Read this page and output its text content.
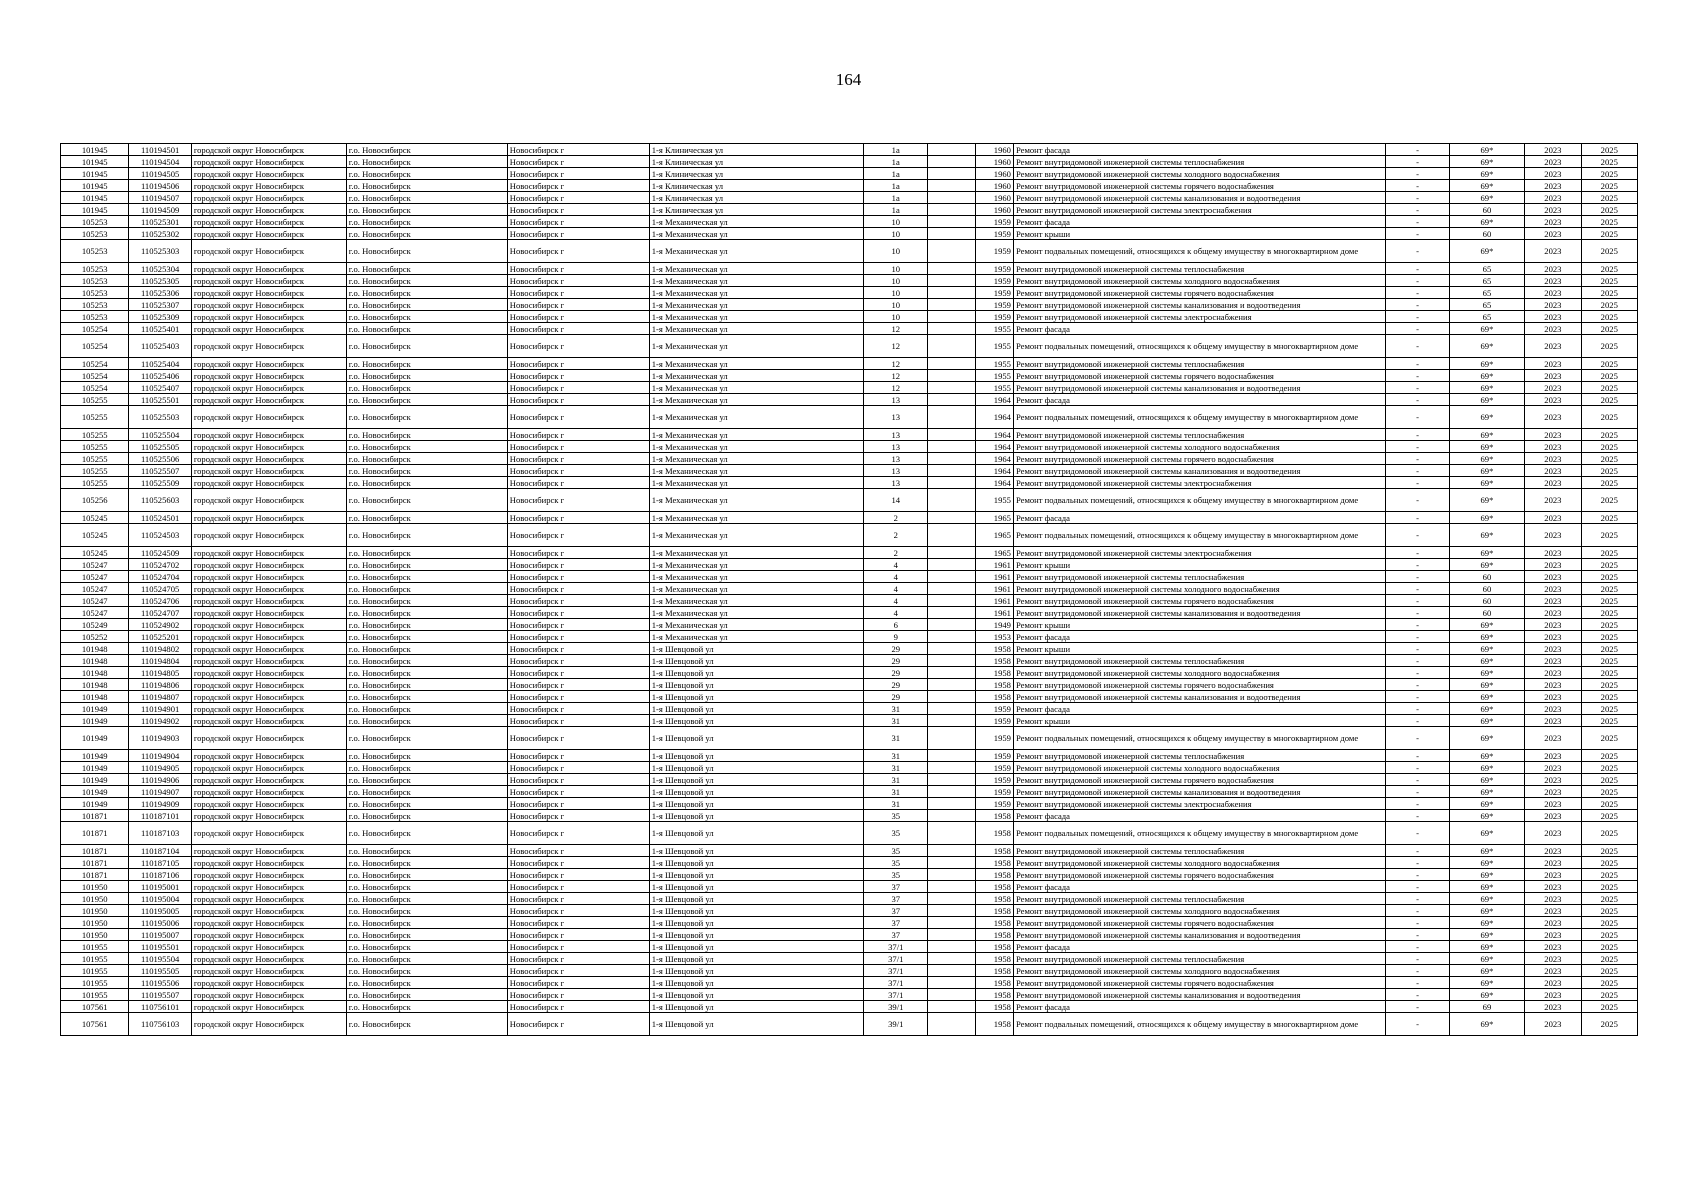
164
101945	110194501	городской округ Новосибирск	г.о. Новосибирск	Новосибирск г	1-я Клиническая ул	1а		1960	Ремонт фасада	-	69*	2023	2025
101945	110194504	городской округ Новосибирск	г.о. Новосибирск	Новосибирск г	1-я Клиническая ул	1а		1960	Ремонт внутридомовой инженерной системы теплоснабжения	-	69*	2023	2025
101945	110194505	городской округ Новосибирск	г.о. Новосибирск	Новосибирск г	1-я Клиническая ул	1а		1960	Ремонт внутридомовой инженерной системы холодного водоснабжения	-	69*	2023	2025
101945	110194506	городской округ Новосибирск	г.о. Новосибирск	Новосибирск г	1-я Клиническая ул	1а		1960	Ремонт внутридомовой инженерной системы горячего водоснабжения	-	69*	2023	2025
101945	110194507	городской округ Новосибирск	г.о. Новосибирск	Новосибирск г	1-я Клиническая ул	1а		1960	Ремонт внутридомовой инженерной системы канализования и водоотведения	-	69*	2023	2025
101945	110194509	городской округ Новосибирск	г.о. Новосибирск	Новосибирск г	1-я Клиническая ул	1а		1960	Ремонт внутридомовой инженерной системы электроснабжения	-	60	2023	2025
105253	110525301	городской округ Новосибирск	г.о. Новосибирск	Новосибирск г	1-я Механическая ул	10		1959	Ремонт фасада	-	69*	2023	2025
105253	110525302	городской округ Новосибирск	г.о. Новосибирск	Новосибирск г	1-я Механическая ул	10		1959	Ремонт крыши	-	60	2023	2025
105253	110525303	городской округ Новосибирск	г.о. Новосибирск	Новосибирск г	1-я Механическая ул	10		1959	Ремонт подвальных помещений, относящихся к общему имуществу в многоквартирном доме	-	69*	2023	2025
105253	110525304	городской округ Новосибирск	г.о. Новосибирск	Новосибирск г	1-я Механическая ул	10		1959	Ремонт внутридомовой инженерной системы теплоснабжения	-	65	2023	2025
105253	110525305	городской округ Новосибирск	г.о. Новосибирск	Новосибирск г	1-я Механическая ул	10		1959	Ремонт внутридомовой инженерной системы холодного водоснабжения	-	65	2023	2025
105253	110525306	городской округ Новосибирск	г.о. Новосибирск	Новосибирск г	1-я Механическая ул	10		1959	Ремонт внутридомовой инженерной системы горячего водоснабжения	-	65	2023	2025
105253	110525307	городской округ Новосибирск	г.о. Новосибирск	Новосибирск г	1-я Механическая ул	10		1959	Ремонт внутридомовой инженерной системы канализования и водоотведения	-	65	2023	2025
105253	110525309	городской округ Новосибирск	г.о. Новосибирск	Новосибирск г	1-я Механическая ул	10		1959	Ремонт внутридомовой инженерной системы электроснабжения	-	65	2023	2025
105254	110525401	городской округ Новосибирск	г.о. Новосибирск	Новосибирск г	1-я Механическая ул	12		1955	Ремонт фасада	-	69*	2023	2025
105254	110525403	городской округ Новосибирск	г.о. Новосибирск	Новосибирск г	1-я Механическая ул	12		1955	Ремонт подвальных помещений, относящихся к общему имуществу в многоквартирном доме	-	69*	2023	2025
105254	110525404	городской округ Новосибирск	г.о. Новосибирск	Новосибирск г	1-я Механическая ул	12		1955	Ремонт внутридомовой инженерной системы теплоснабжения	-	69*	2023	2025
105254	110525406	городской округ Новосибирск	г.о. Новосибирск	Новосибирск г	1-я Механическая ул	12		1955	Ремонт внутридомовой инженерной системы горячего водоснабжения	-	69*	2023	2025
105254	110525407	городской округ Новосибирск	г.о. Новосибирск	Новосибирск г	1-я Механическая ул	12		1955	Ремонт внутридомовой инженерной системы канализования и водоотведения	-	69*	2023	2025
105255	110525501	городской округ Новосибирск	г.о. Новосибирск	Новосибирск г	1-я Механическая ул	13		1964	Ремонт фасада	-	69*	2023	2025
105255	110525503	городской округ Новосибирск	г.о. Новосибирск	Новосибирск г	1-я Механическая ул	13		1964	Ремонт подвальных помещений, относящихся к общему имуществу в многоквартирном доме	-	69*	2023	2025
105255	110525504	городской округ Новосибирск	г.о. Новосибирск	Новосибирск г	1-я Механическая ул	13		1964	Ремонт внутридомовой инженерной системы теплоснабжения	-	69*	2023	2025
105255	110525505	городской округ Новосибирск	г.о. Новосибирск	Новосибирск г	1-я Механическая ул	13		1964	Ремонт внутридомовой инженерной системы холодного водоснабжения	-	69*	2023	2025
105255	110525506	городской округ Новосибирск	г.о. Новосибирск	Новосибирск г	1-я Механическая ул	13		1964	Ремонт внутридомовой инженерной системы горячего водоснабжения	-	69*	2023	2025
105255	110525507	городской округ Новосибирск	г.о. Новосибирск	Новосибирск г	1-я Механическая ул	13		1964	Ремонт внутридомовой инженерной системы канализования и водоотведения	-	69*	2023	2025
105255	110525509	городской округ Новосибирск	г.о. Новосибирск	Новосибирск г	1-я Механическая ул	13		1964	Ремонт внутридомовой инженерной системы электроснабжения	-	69*	2023	2025
105256	110525603	городской округ Новосибирск	г.о. Новосибирск	Новосибирск г	1-я Механическая ул	14		1955	Ремонт подвальных помещений, относящихся к общему имуществу в многоквартирном доме	-	69*	2023	2025
105245	110524501	городской округ Новосибирск	г.о. Новосибирск	Новосибирск г	1-я Механическая ул	2		1965	Ремонт фасада	-	69*	2023	2025
105245	110524503	городской округ Новосибирск	г.о. Новосибирск	Новосибирск г	1-я Механическая ул	2		1965	Ремонт подвальных помещений, относящихся к общему имуществу в многоквартирном доме	-	69*	2023	2025
105245	110524509	городской округ Новосибирск	г.о. Новосибирск	Новосибирск г	1-я Механическая ул	2		1965	Ремонт внутридомовой инженерной системы электроснабжения	-	69*	2023	2025
105247	110524702	городской округ Новосибирск	г.о. Новосибирск	Новосибирск г	1-я Механическая ул	4		1961	Ремонт крыши	-	69*	2023	2025
105247	110524704	городской округ Новосибирск	г.о. Новосибирск	Новосибирск г	1-я Механическая ул	4		1961	Ремонт внутридомовой инженерной системы теплоснабжения	-	60	2023	2025
105247	110524705	городской округ Новосибирск	г.о. Новосибирск	Новосибирск г	1-я Механическая ул	4		1961	Ремонт внутридомовой инженерной системы холодного водоснабжения	-	60	2023	2025
105247	110524706	городской округ Новосибирск	г.о. Новосибирск	Новосибирск г	1-я Механическая ул	4		1961	Ремонт внутридомовой инженерной системы горячего водоснабжения	-	60	2023	2025
105247	110524707	городской округ Новосибирск	г.о. Новосибирск	Новосибирск г	1-я Механическая ул	4		1961	Ремонт внутридомовой инженерной системы канализования и водоотведения	-	60	2023	2025
105249	110524902	городской округ Новосибирск	г.о. Новосибирск	Новосибирск г	1-я Механическая ул	6		1949	Ремонт крыши	-	69*	2023	2025
105252	110525201	городской округ Новосибирск	г.о. Новосибирск	Новосибирск г	1-я Механическая ул	9		1953	Ремонт фасада	-	69*	2023	2025
101948	110194802	городской округ Новосибирск	г.о. Новосибирск	Новосибирск г	1-я Шевцовой ул	29		1958	Ремонт крыши	-	69*	2023	2025
101948	110194804	городской округ Новосибирск	г.о. Новосибирск	Новосибирск г	1-я Шевцовой ул	29		1958	Ремонт внутридомовой инженерной системы теплоснабжения	-	69*	2023	2025
101948	110194805	городской округ Новосибирск	г.о. Новосибирск	Новосибирск г	1-я Шевцовой ул	29		1958	Ремонт внутридомовой инженерной системы холодного водоснабжения	-	69*	2023	2025
101948	110194806	городской округ Новосибирск	г.о. Новосибирск	Новосибирск г	1-я Шевцовой ул	29		1958	Ремонт внутридомовой инженерной системы горячего водоснабжения	-	69*	2023	2025
101948	110194807	городской округ Новосибирск	г.о. Новосибирск	Новосибирск г	1-я Шевцовой ул	29		1958	Ремонт внутридомовой инженерной системы канализования и водоотведения	-	69*	2023	2025
101949	110194901	городской округ Новосибирск	г.о. Новосибирск	Новосибирск г	1-я Шевцовой ул	31		1959	Ремонт фасада	-	69*	2023	2025
101949	110194902	городской округ Новосибирск	г.о. Новосибирск	Новосибирск г	1-я Шевцовой ул	31		1959	Ремонт крыши	-	69*	2023	2025
101949	110194903	городской округ Новосибирск	г.о. Новосибирск	Новосибирск г	1-я Шевцовой ул	31		1959	Ремонт подвальных помещений, относящихся к общему имуществу в многоквартирном доме	-	69*	2023	2025
101949	110194904	городской округ Новосибирск	г.о. Новосибирск	Новосибирск г	1-я Шевцовой ул	31		1959	Ремонт внутридомовой инженерной системы теплоснабжения	-	69*	2023	2025
101949	110194905	городской округ Новосибирск	г.о. Новосибирск	Новосибирск г	1-я Шевцовой ул	31		1959	Ремонт внутридомовой инженерной системы холодного водоснабжения	-	69*	2023	2025
101949	110194906	городской округ Новосибирск	г.о. Новосибирск	Новосибирск г	1-я Шевцовой ул	31		1959	Ремонт внутридомовой инженерной системы горячего водоснабжения	-	69*	2023	2025
101949	110194907	городской округ Новосибирск	г.о. Новосибирск	Новосибирск г	1-я Шевцовой ул	31		1959	Ремонт внутридомовой инженерной системы канализования и водоотведения	-	69*	2023	2025
101949	110194909	городской округ Новосибирск	г.о. Новосибирск	Новосибирск г	1-я Шевцовой ул	31		1959	Ремонт внутридомовой инженерной системы электроснабжения	-	69*	2023	2025
101871	110187101	городской округ Новосибирск	г.о. Новосибирск	Новосибирск г	1-я Шевцовой ул	35		1958	Ремонт фасада	-	69*	2023	2025
101871	110187103	городской округ Новосибирск	г.о. Новосибирск	Новосибирск г	1-я Шевцовой ул	35		1958	Ремонт подвальных помещений, относящихся к общему имуществу в многоквартирном доме	-	69*	2023	2025
101871	110187104	городской округ Новосибирск	г.о. Новосибирск	Новосибирск г	1-я Шевцовой ул	35		1958	Ремонт внутридомовой инженерной системы теплоснабжения	-	69*	2023	2025
101871	110187105	городской округ Новосибирск	г.о. Новосибирск	Новосибирск г	1-я Шевцовой ул	35		1958	Ремонт внутридомовой инженерной системы холодного водоснабжения	-	69*	2023	2025
101871	110187106	городской округ Новосибирск	г.о. Новосибирск	Новосибирск г	1-я Шевцовой ул	35		1958	Ремонт внутридомовой инженерной системы горячего водоснабжения	-	69*	2023	2025
101950	110195001	городской округ Новосибирск	г.о. Новосибирск	Новосибирск г	1-я Шевцовой ул	37		1958	Ремонт фасада	-	69*	2023	2025
101950	110195004	городской округ Новосибирск	г.о. Новосибирск	Новосибирск г	1-я Шевцовой ул	37		1958	Ремонт внутридомовой инженерной системы теплоснабжения	-	69*	2023	2025
101950	110195005	городской округ Новосибирск	г.о. Новосибирск	Новосибирск г	1-я Шевцовой ул	37		1958	Ремонт внутридомовой инженерной системы холодного водоснабжения	-	69*	2023	2025
101950	110195006	городской округ Новосибирск	г.о. Новосибирск	Новосибирск г	1-я Шевцовой ул	37		1958	Ремонт внутридомовой инженерной системы горячего водоснабжения	-	69*	2023	2025
101950	110195007	городской округ Новосибирск	г.о. Новосибирск	Новосибирск г	1-я Шевцовой ул	37		1958	Ремонт внутридомовой инженерной системы канализования и водоотведения	-	69*	2023	2025
101955	110195501	городской округ Новосибирск	г.о. Новосибирск	Новосибирск г	1-я Шевцовой ул	37/1		1958	Ремонт фасада	-	69*	2023	2025
101955	110195504	городской округ Новосибирск	г.о. Новосибирск	Новосибирск г	1-я Шевцовой ул	37/1		1958	Ремонт внутридомовой инженерной системы теплоснабжения	-	69*	2023	2025
101955	110195505	городской округ Новосибирск	г.о. Новосибирск	Новосибирск г	1-я Шевцовой ул	37/1		1958	Ремонт внутридомовой инженерной системы холодного водоснабжения	-	69*	2023	2025
101955	110195506	городской округ Новосибирск	г.о. Новосибирск	Новосибирск г	1-я Шевцовой ул	37/1		1958	Ремонт внутридомовой инженерной системы горячего водоснабжения	-	69*	2023	2025
101955	110195507	городской округ Новосибирск	г.о. Новосибирск	Новосибирск г	1-я Шевцовой ул	37/1		1958	Ремонт внутридомовой инженерной системы канализования и водоотведения	-	69*	2023	2025
107561	110756101	городской округ Новосибирск	г.о. Новосибирск	Новосибирск г	1-я Шевцовой ул	39/1		1958	Ремонт фасада	-	69	2023	2025
107561	110756103	городской округ Новосибирск	г.о. Новосибирск	Новосибирск г	1-я Шевцовой ул	39/1		1958	Ремонт подвальных помещений, относящихся к общему имуществу в многоквартирном доме	-	69*	2023	2025
